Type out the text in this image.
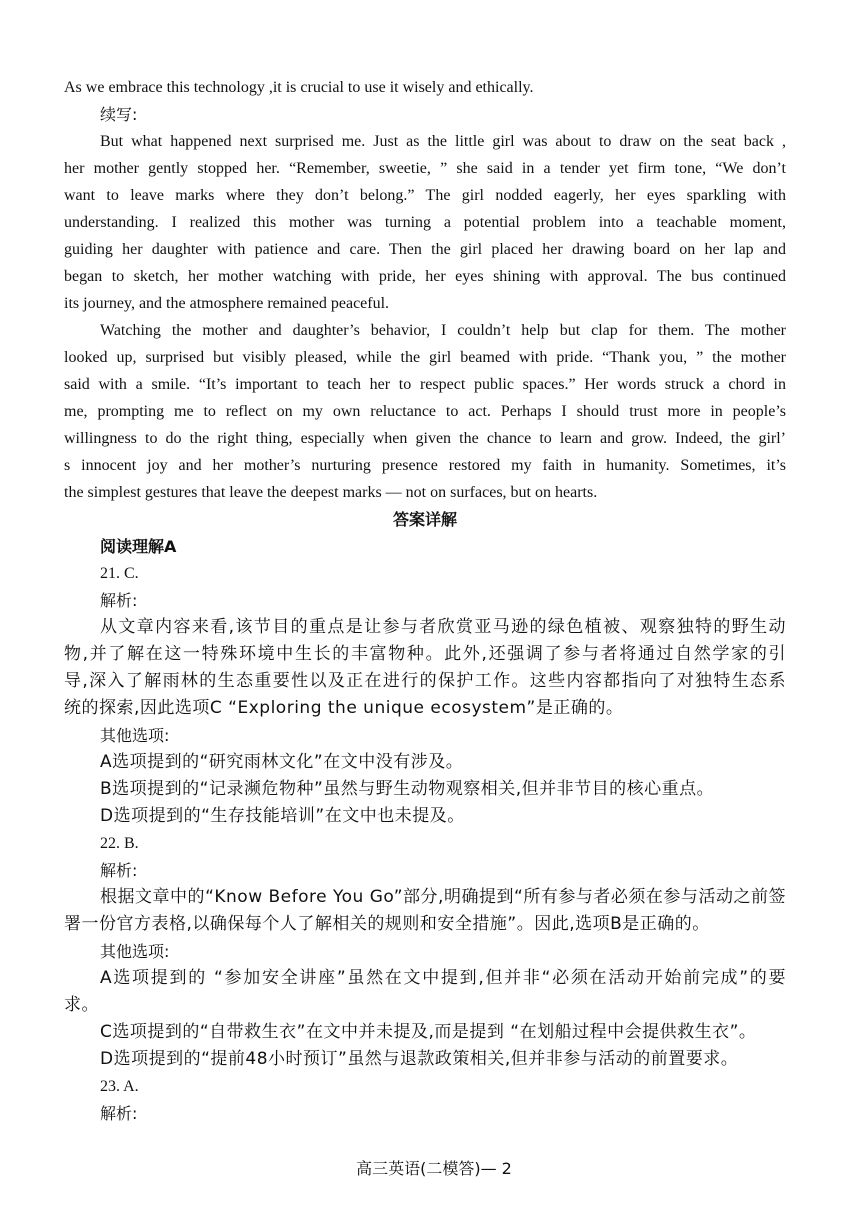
As we embrace this technology ,it is crucial to use it wisely and ethically.

续写:

But what happened next surprised me. Just as the little girl was about to draw on the seat back ,

her mother gently stopped her. “Remember, sweetie, ” she said in a tender yet firm tone, “We don’t

want to leave marks where they don’t belong.” The girl nodded eagerly, her eyes sparkling with

understanding. I realized this mother was turning a potential problem into a teachable moment,

guiding her daughter with patience and care. Then the girl placed her drawing board on her lap and

began to sketch, her mother watching with pride, her eyes shining with approval. The bus continued

its journey, and the atmosphere remained peaceful.

Watching the mother and daughter’s behavior, I couldn’t help but clap for them. The mother

looked up, surprised but visibly pleased, while the girl beamed with pride. “Thank you, ” the mother

said with a smile. “It’s important to teach her to respect public spaces.” Her words struck a chord in

me, prompting me to reflect on my own reluctance to act. Perhaps I should trust more in people’s

willingness to do the right thing, especially when given the chance to learn and grow. Indeed, the girl’

s innocent joy and her mother’s nurturing presence restored my faith in humanity. Sometimes, it’s

the simplest gestures that leave the deepest marks — not on surfaces, but on hearts.

答案详解

阅读理解A

21. C.

解析:

从文章内容来看,该节目的重点是让参与者欣赏亚马逊的绿色植被、观察独特的野生动

物,并了解在这一特殊环境中生长的丰富物种。此外,还强调了参与者将通过自然学家的引

导,深入了解雨林的生态重要性以及正在进行的保护工作。这些内容都指向了对独特生态系

统的探索,因此选项C “Exploring the unique ecosystem”是正确的。

其他选项:

A选项提到的“研究雨林文化”在文中没有涉及。

B选项提到的“记录濒危物种”虽然与野生动物观察相关,但并非节目的核心重点。

D选项提到的“生存技能培训”在文中也未提及。

22. B.

解析:

根据文章中的“Know Before You Go”部分,明确提到“所有参与者必须在参与活动之前签

署一份官方表格,以确保每个人了解相关的规则和安全措施”。因此,选项B是正确的。

其他选项:

A选项提到的 “参加安全讲座”虽然在文中提到,但并非“必须在活动开始前完成”的要

求。

C选项提到的“自带救生衣”在文中并未提及,而是提到 “在划船过程中会提供救生衣”。

D选项提到的“提前48小时预订”虽然与退款政策相关,但并非参与活动的前置要求。

23. A.

解析:

高三英语(二模答)— 2
